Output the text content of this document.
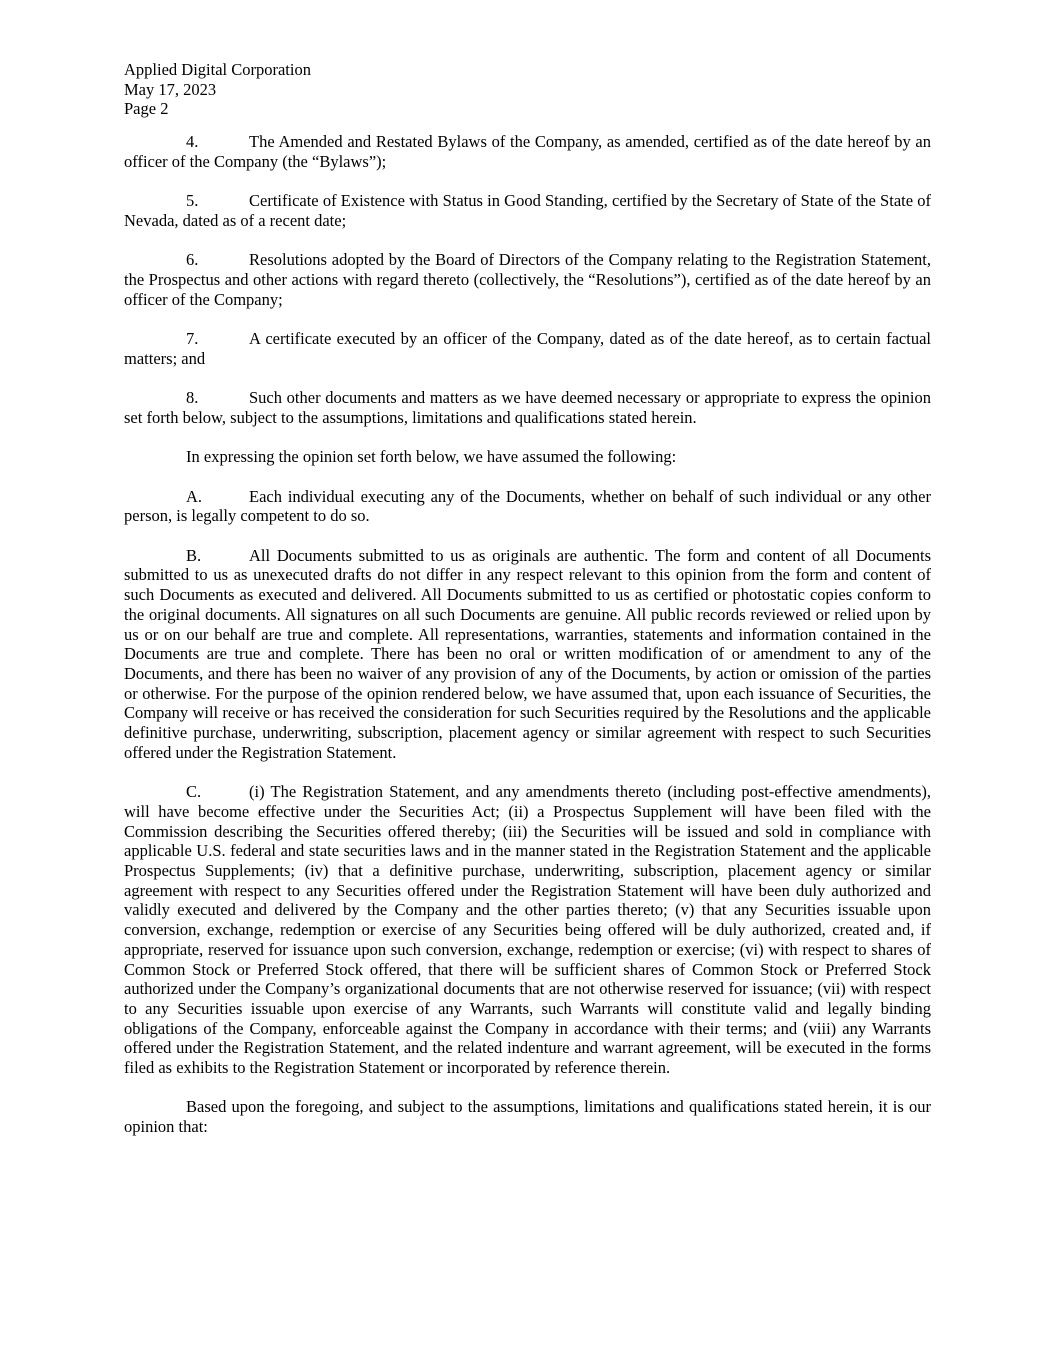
Applied Digital Corporation
May 17, 2023
Page 2

4.	The Amended and Restated Bylaws of the Company, as amended, certified as of the date hereof by an officer of the Company (the “Bylaws”);

5.	Certificate of Existence with Status in Good Standing, certified by the Secretary of State of the State of Nevada, dated as of a recent date;

6.	Resolutions adopted by the Board of Directors of the Company relating to the Registration Statement, the Prospectus and other actions with regard thereto (collectively, the “Resolutions”), certified as of the date hereof by an officer of the Company;

7.	A certificate executed by an officer of the Company, dated as of the date hereof, as to certain factual matters; and

8.	Such other documents and matters as we have deemed necessary or appropriate to express the opinion set forth below, subject to the assumptions, limitations and qualifications stated herein.

In expressing the opinion set forth below, we have assumed the following:

A.	Each individual executing any of the Documents, whether on behalf of such individual or any other person, is legally competent to do so.

B.	All Documents submitted to us as originals are authentic. The form and content of all Documents submitted to us as unexecuted drafts do not differ in any respect relevant to this opinion from the form and content of such Documents as executed and delivered. All Documents submitted to us as certified or photostatic copies conform to the original documents. All signatures on all such Documents are genuine. All public records reviewed or relied upon by us or on our behalf are true and complete. All representations, warranties, statements and information contained in the Documents are true and complete. There has been no oral or written modification of or amendment to any of the Documents, and there has been no waiver of any provision of any of the Documents, by action or omission of the parties or otherwise. For the purpose of the opinion rendered below, we have assumed that, upon each issuance of Securities, the Company will receive or has received the consideration for such Securities required by the Resolutions and the applicable definitive purchase, underwriting, subscription, placement agency or similar agreement with respect to such Securities offered under the Registration Statement.

C.	(i) The Registration Statement, and any amendments thereto (including post-effective amendments), will have become effective under the Securities Act; (ii) a Prospectus Supplement will have been filed with the Commission describing the Securities offered thereby; (iii) the Securities will be issued and sold in compliance with applicable U.S. federal and state securities laws and in the manner stated in the Registration Statement and the applicable Prospectus Supplements; (iv) that a definitive purchase, underwriting, subscription, placement agency or similar agreement with respect to any Securities offered under the Registration Statement will have been duly authorized and validly executed and delivered by the Company and the other parties thereto; (v) that any Securities issuable upon conversion, exchange, redemption or exercise of any Securities being offered will be duly authorized, created and, if appropriate, reserved for issuance upon such conversion, exchange, redemption or exercise; (vi) with respect to shares of Common Stock or Preferred Stock offered, that there will be sufficient shares of Common Stock or Preferred Stock authorized under the Company’s organizational documents that are not otherwise reserved for issuance; (vii) with respect to any Securities issuable upon exercise of any Warrants, such Warrants will constitute valid and legally binding obligations of the Company, enforceable against the Company in accordance with their terms; and (viii) any Warrants offered under the Registration Statement, and the related indenture and warrant agreement, will be executed in the forms filed as exhibits to the Registration Statement or incorporated by reference therein.

Based upon the foregoing, and subject to the assumptions, limitations and qualifications stated herein, it is our opinion that:
